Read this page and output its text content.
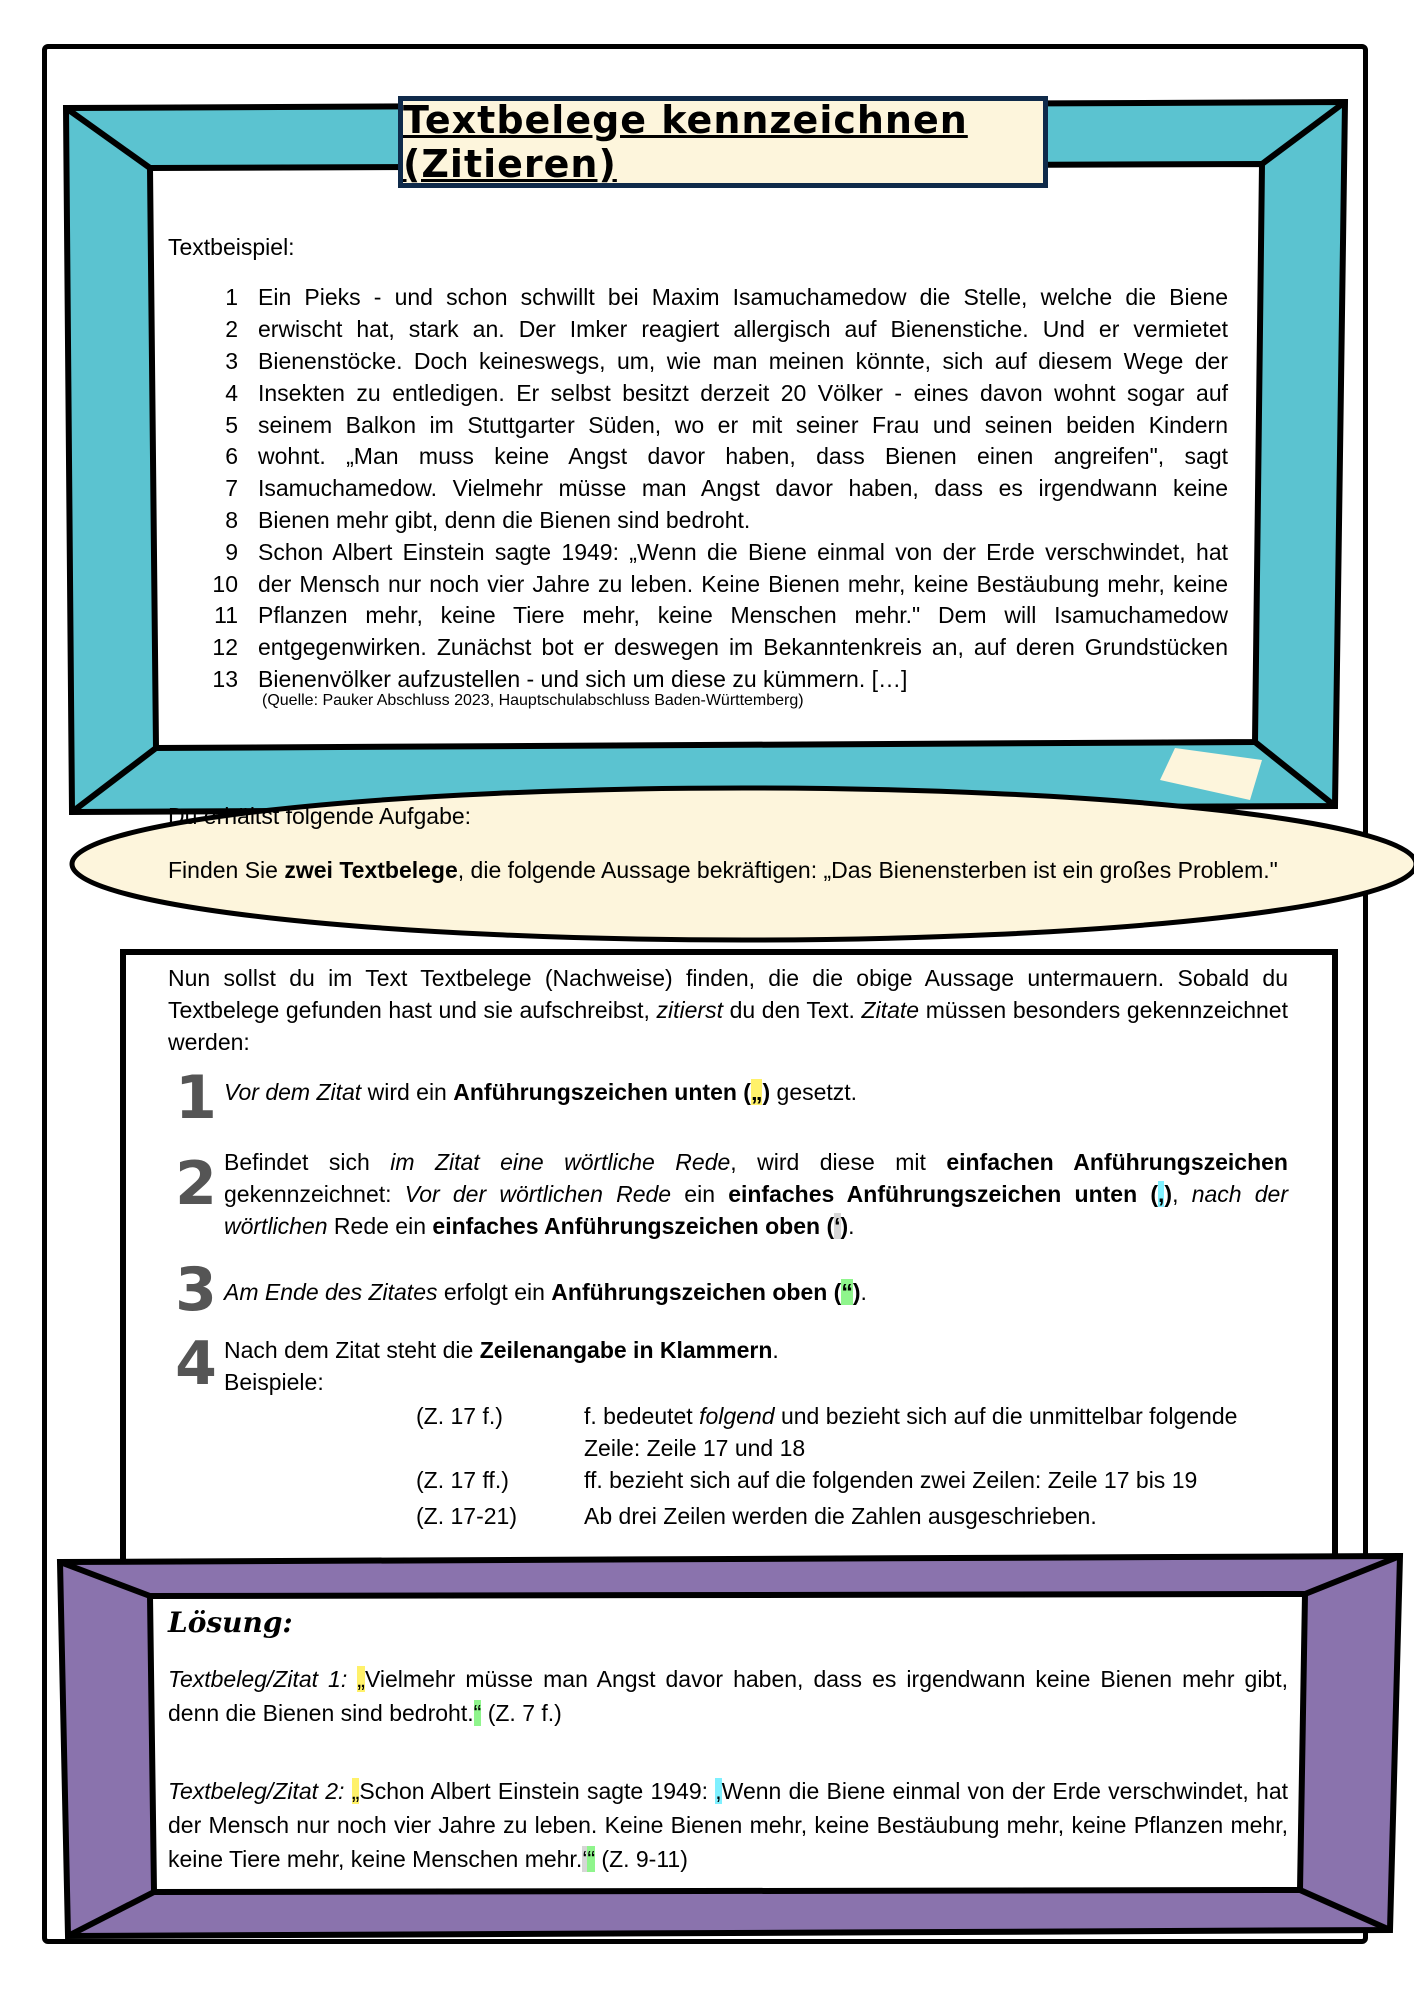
Textbelege kennzeichnen (Zitieren)
Textbeispiel:
1 Ein Pieks - und schon schwillt bei Maxim Isamuchamedow die Stelle, welche die Biene
2 erwischt hat, stark an. Der Imker reagiert allergisch auf Bienenstiche. Und er vermietet
3 Bienenstöcke. Doch keineswegs, um, wie man meinen könnte, sich auf diesem Wege der
4 Insekten zu entledigen. Er selbst besitzt derzeit 20 Völker - eines davon wohnt sogar auf
5 seinem Balkon im Stuttgarter Süden, wo er mit seiner Frau und seinen beiden Kindern
6 wohnt. „Man muss keine Angst davor haben, dass Bienen einen angreifen", sagt
7 Isamuchamedow. Vielmehr müsse man Angst davor haben, dass es irgendwann keine
8 Bienen mehr gibt, denn die Bienen sind bedroht.
9 Schon Albert Einstein sagte 1949: „Wenn die Biene einmal von der Erde verschwindet, hat
10 der Mensch nur noch vier Jahre zu leben. Keine Bienen mehr, keine Bestäubung mehr, keine
11 Pflanzen mehr, keine Tiere mehr, keine Menschen mehr." Dem will Isamuchamedow
12 entgegenwirken. Zunächst bot er deswegen im Bekanntenkreis an, auf deren Grundstücken
13 Bienenvölker aufzustellen - und sich um diese zu kümmern. […]
(Quelle: Pauker Abschluss 2023, Hauptschulabschluss Baden-Württemberg)
Du erhältst folgende Aufgabe:
Finden Sie zwei Textbelege, die folgende Aussage bekräftigen: „Das Bienensterben ist ein großes Problem."
Nun sollst du im Text Textbelege (Nachweise) finden, die die obige Aussage untermauern. Sobald du Textbelege gefunden hast und sie aufschreibst, zitierst du den Text. Zitate müssen besonders gekennzeichnet werden:
1 Vor dem Zitat wird ein Anführungszeichen unten („) gesetzt.
2 Befindet sich im Zitat eine wörtliche Rede, wird diese mit einfachen Anführungszeichen gekennzeichnet: Vor der wörtlichen Rede ein einfaches Anführungszeichen unten (,), nach der wörtlichen Rede ein einfaches Anführungszeichen oben (‘).
3 Am Ende des Zitates erfolgt ein Anführungszeichen oben (“).
4 Nach dem Zitat steht die Zeilenangabe in Klammern.
Beispiele:
(Z. 17 f.)	f. bedeutet folgend und bezieht sich auf die unmittelbar folgende
Zeile: Zeile 17 und 18
(Z. 17 ff.)	ff. bezieht sich auf die folgenden zwei Zeilen: Zeile 17 bis 19
(Z. 17-21)	Ab drei Zeilen werden die Zahlen ausgeschrieben.
Lösung:
Textbeleg/Zitat 1: „Vielmehr müsse man Angst davor haben, dass es irgendwann keine Bienen mehr gibt, denn die Bienen sind bedroht.“ (Z. 7 f.)
Textbeleg/Zitat 2: „Schon Albert Einstein sagte 1949: ,Wenn die Biene einmal von der Erde verschwindet, hat der Mensch nur noch vier Jahre zu leben. Keine Bienen mehr, keine Bestäubung mehr, keine Pflanzen mehr, keine Tiere mehr, keine Menschen mehr.‘“ (Z. 9-11)
